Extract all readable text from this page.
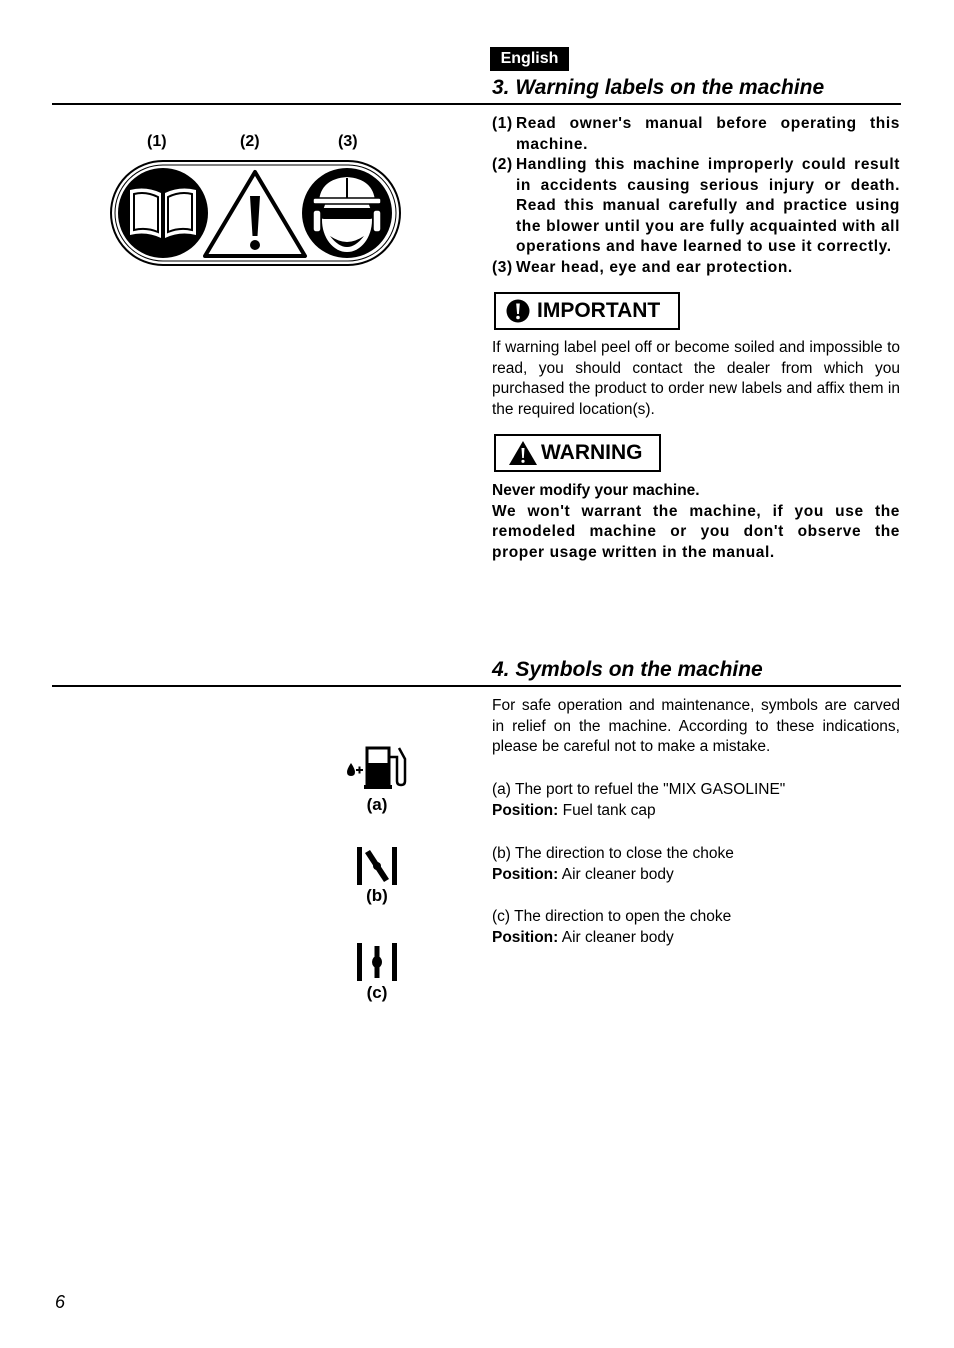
English
3. Warning labels on the machine
(1)	(2)	(3)
(1) Read owner's manual before operating this machine.
(2) Handling this machine improperly could result in accidents causing serious injury or death. Read this manual carefully and practice using the blower until you are fully acquainted with all operations and have learned to use it correctly.
(3) Wear head, eye and ear protection.
IMPORTANT
If warning label peel off or become soiled and impossible to read, you should contact the dealer from which you purchased the product to order new labels and affix them in the required location(s).
WARNING
Never modify your machine.
We won't warrant the machine, if you use the remodeled machine or you don't observe the proper usage written in the manual.
4. Symbols on the machine
For safe operation and maintenance, symbols are carved in relief on the machine. According to these indications, please be careful not to make a mistake.
(a) The port to refuel the "MIX GASOLINE"
Position: Fuel tank cap
(b) The direction to close the choke
Position: Air cleaner body
(c) The direction to open the choke
Position: Air cleaner body
(a)
(b)
(c)
6
